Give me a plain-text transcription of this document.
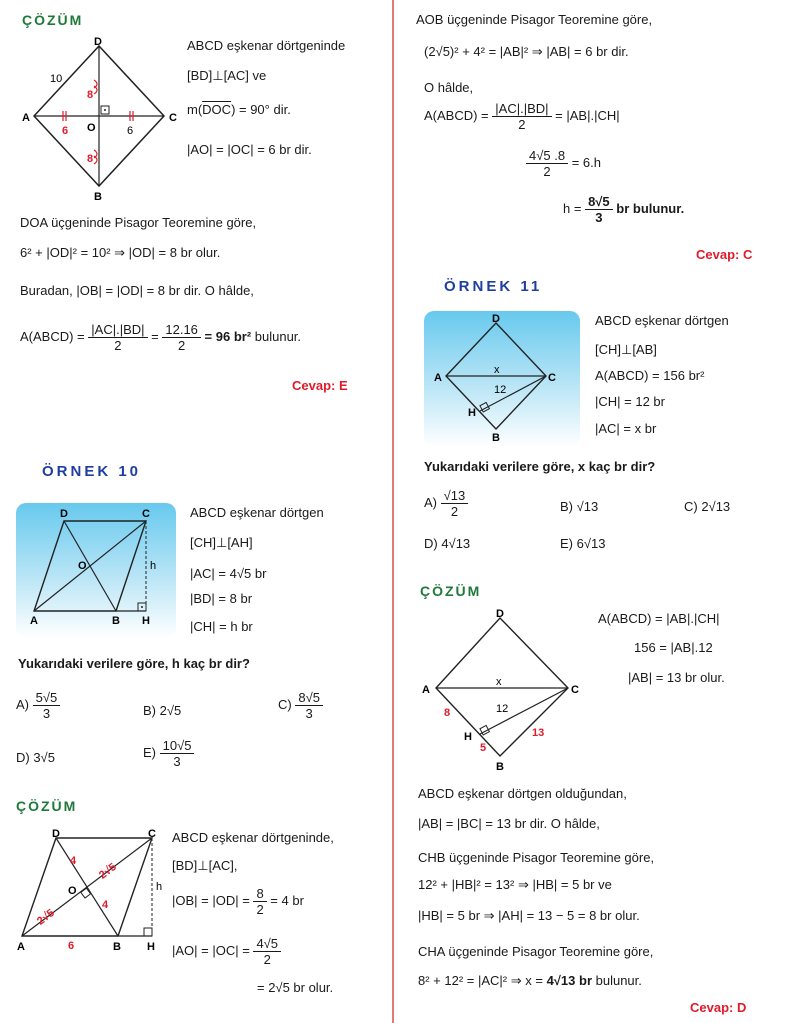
ÇÖZÜM
D
A	C
B
O
10
8
8
6	6
ABCD eşkenar dörtgeninde
[BD]⊥[AC] ve
$m(\overline{DOC}) = 90^\circ$ dir.
|AO| = |OC| = 6 br dir.
DOA üçgeninde Pisagor Teoremine göre,
6² + |OD|² = 10² ⇒ |OD| = 8 br olur.
Buradan, |OB| = |OD| = 8 br dir. O hâlde,
A(ABCD) = $\frac{|AC|.|BD|}{2} = \frac{12.16}{2} = 96$ br² bulunur.
Cevap: E
ÖRNEK 10
D	C
A	B H
O	h
ABCD eşkenar dörtgen
[CH]⊥[AH]
|AC| = 4√5 br
|BD| = 8 br
|CH| = h br
Yukarıdaki verilere göre, h kaç br dir?
$A) \frac{5√5}{3}$	B) 2√5	$C) \frac{8√5}{3}$
D) 3√5	$E) \frac{10√5}{3}$
ÇÖZÜM
D	C
A	B H
O	h
4
2√5
2√5
4
6
ABCD eşkenar dörtgeninde,
[BD]⊥[AC],
$|OB| = |OD| = \frac{8}{2} = 4$ br
$|AO| = |OC| = \frac{4√5}{2}$
= 2√5 br olur.
AOB üçgeninde Pisagor Teoremine göre,
(2√5)² + 4² = |AB|² ⇒ |AB| = 6 br dir.
O hâlde,
A(ABCD) = $\frac{|AC|.|BD|}{2} = |AB|.|CH|$
$\frac{4√5 .8}{2} = 6.h$
$h = \frac{8√5}{3}$ br bulunur.
Cevap: C
ÖRNEK 11
D
A	C
B
H
x
12
ABCD eşkenar dörtgen
[CH]⊥[AB]
A(ABCD) = 156 br²
|CH| = 12 br
|AC| = x br
Yukarıdaki verilere göre, x kaç br dir?
$A) \frac{√13}{2}$	B) √13	C) 2√13
D) 4√13	E) 6√13
ÇÖZÜM
D
A	C
B
H
x
12
8
5
13
A(ABCD) = |AB|.|CH|
156 = |AB|.12
|AB| = 13 br olur.
ABCD eşkenar dörtgen olduğundan,
|AB| = |BC| = 13 br dir. O hâlde,
CHB üçgeninde Pisagor Teoremine göre,
12² + |HB|² = 13² ⇒ |HB| = 5 br ve
|HB| = 5 br ⇒ |AH| = 13 − 5 = 8 br olur.
CHA üçgeninde Pisagor Teoremine göre,
8² + 12² = |AC|² ⇒ x = 4√13 br bulunur.
Cevap: D
